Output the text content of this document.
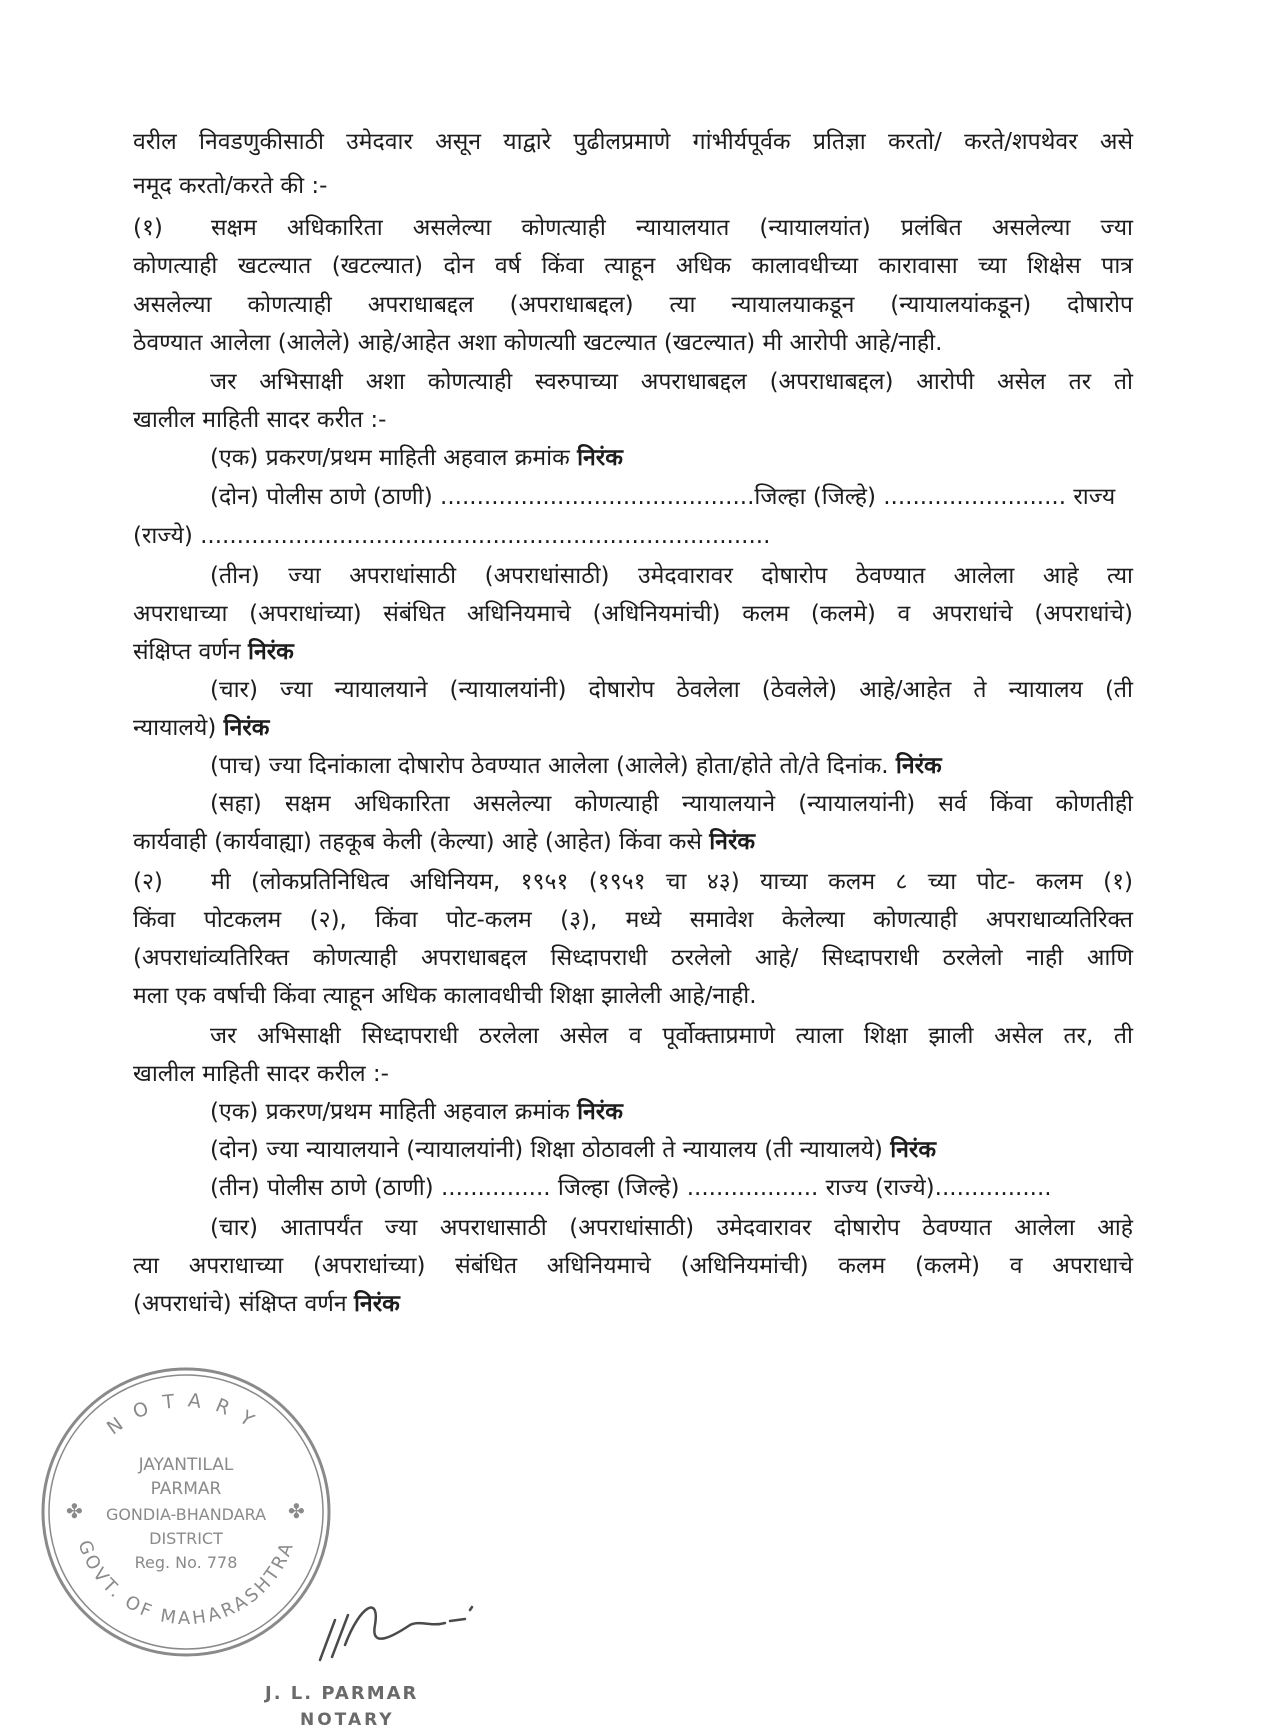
वरील निवडणुकीसाठी उमेदवार असून याद्वारे पुढीलप्रमाणे गांभीर्यपूर्वक प्रतिज्ञा करतो/ करते/शपथेवर असे
नमूद करतो/करते की :-
(१) सक्षम अधिकारिता असलेल्या कोणत्याही न्यायालयात (न्यायालयांत) प्रलंबित असलेल्या ज्या
कोणत्याही खटल्यात (खटल्यात) दोन वर्ष किंवा त्याहून अधिक कालावधीच्या कारावासा च्या शिक्षेस पात्र
असलेल्या कोणत्याही अपराधाबद्दल (अपराधाबद्दल) त्या न्यायालयाकडून (न्यायालयांकडून) दोषारोप
ठेवण्यात आलेला (आलेले) आहे/आहेत अशा कोणत्याी खटल्यात (खटल्यात) मी आरोपी आहे/नाही.
जर अभिसाक्षी अशा कोणत्याही स्वरुपाच्या अपराधाबद्दल (अपराधाबद्दल) आरोपी असेल तर तो
खालील माहिती सादर करीत :-
(एक) प्रकरण/प्रथम माहिती अहवाल क्रमांक निरंक
(दोन) पोलीस ठाणे (ठाणी) ...........................................जिल्हा (जिल्हे) ......................... राज्य
(राज्ये) ..............................................................................
(तीन) ज्या अपराधांसाठी (अपराधांसाठी) उमेदवारावर दोषारोप ठेवण्यात आलेला आहे त्या
अपराधाच्या (अपराधांच्या) संबंधित अधिनियमाचे (अधिनियमांची) कलम (कलमे) व अपराधांचे (अपराधांचे)
संक्षिप्त वर्णन निरंक
(चार) ज्या न्यायालयाने (न्यायालयांनी) दोषारोप ठेवलेला (ठेवलेले) आहे/आहेत ते न्यायालय (ती
न्यायालये) निरंक
(पाच) ज्या दिनांकाला दोषारोप ठेवण्यात आलेला (आलेले) होता/होते तो/ते दिनांक. निरंक
(सहा) सक्षम अधिकारिता असलेल्या कोणत्याही न्यायालयाने (न्यायालयांनी) सर्व किंवा कोणतीही
कार्यवाही (कार्यवाह्या) तहकूब केली (केल्या) आहे (आहेत) किंवा कसे निरंक
(२) मी (लोकप्रतिनिधित्व अधिनियम, १९५१ (१९५१ चा ४३) याच्या कलम ८ च्या पोट- कलम (१)
किंवा पोटकलम (२), किंवा पोट-कलम (३), मध्ये समावेश केलेल्या कोणत्याही अपराधाव्यतिरिक्त
(अपराधांव्यतिरिक्त कोणत्याही अपराधाबद्दल सिध्दापराधी ठरलेलो आहे/ सिध्दापराधी ठरलेलो नाही आणि
मला एक वर्षाची किंवा त्याहून अधिक कालावधीची शिक्षा झालेली आहे/नाही.
जर अभिसाक्षी सिध्दापराधी ठरलेला असेल व पूर्वोक्ताप्रमाणे त्याला शिक्षा झाली असेल तर, ती
खालील माहिती सादर करील :-
(एक) प्रकरण/प्रथम माहिती अहवाल क्रमांक निरंक
(दोन) ज्या न्यायालयाने (न्यायालयांनी) शिक्षा ठोठावली ते न्यायालय (ती न्यायालये) निरंक
(तीन) पोलीस ठाणे (ठाणी) ............... जिल्हा (जिल्हे) .................. राज्य (राज्ये)................
(चार) आतापर्यंत ज्या अपराधासाठी (अपराधांसाठी) उमेदवारावर दोषारोप ठेवण्यात आलेला आहे
त्या अपराधाच्या (अपराधांच्या) संबंधित अधिनियमाचे (अधिनियमांची) कलम (कलमे) व अपराधाचे
(अपराधांचे) संक्षिप्त वर्णन निरंक
NOTARY
GOVT. OF MAHARASHTRA
✤	✤
JAYANTILAL
PARMAR
GONDIA-BHANDARA
DISTRICT
Reg. No. 778
J. L. PARMAR
NOTARY
